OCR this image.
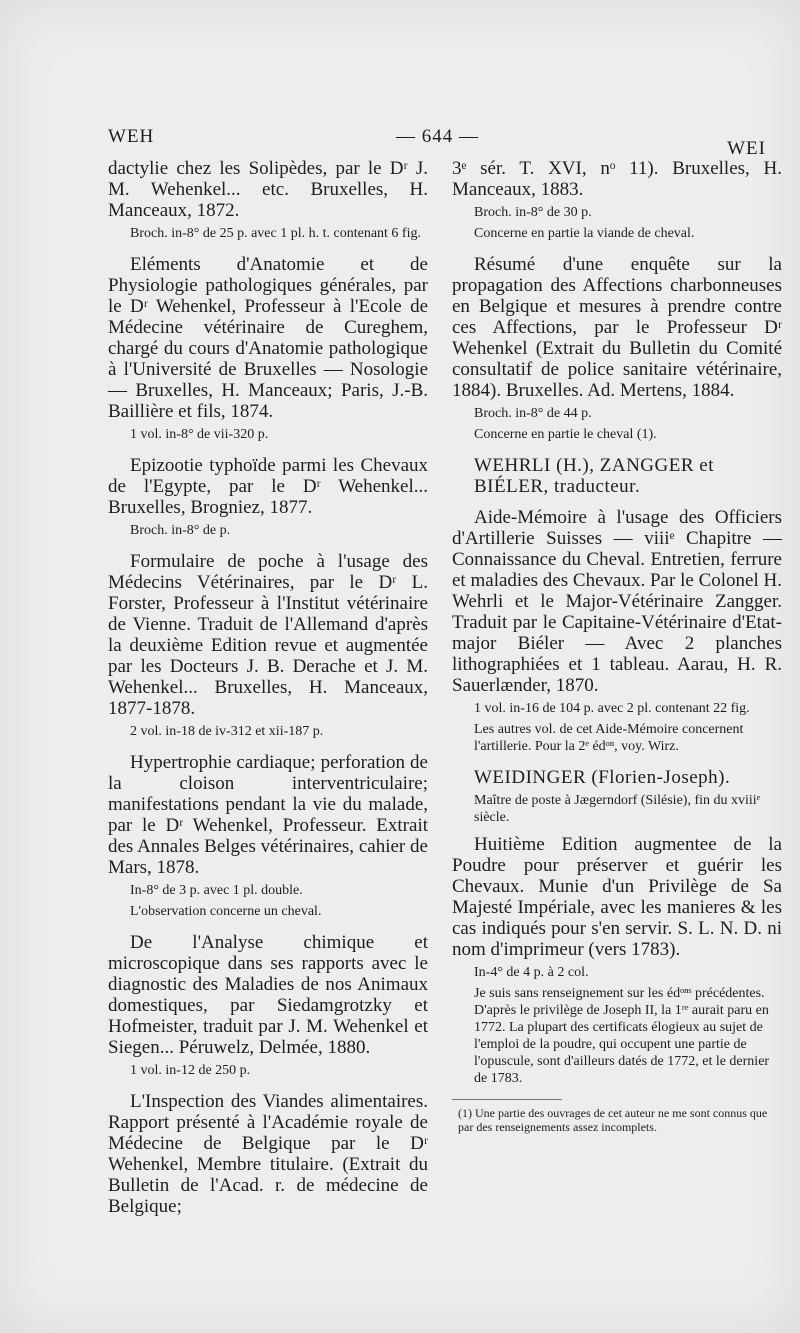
WEH	— 644 —
WEI
dactylie chez les Solipèdes, par le Dʳ J. M. Wehenkel... etc. Bruxelles, H. Manceaux, 1872.
Broch. in-8° de 25 p. avec 1 pl. h. t. contenant 6 fig.
Eléments d'Anatomie et de Physiologie pathologiques générales, par le Dʳ Wehenkel, Professeur à l'Ecole de Médecine vétérinaire de Cureghem, chargé du cours d'Anatomie pathologique à l'Université de Bruxelles — Nosologie — Bruxelles, H. Manceaux; Paris, J.-B. Baillière et fils, 1874.
1 vol. in-8° de vii-320 p.
Epizootie typhoïde parmi les Chevaux de l'Egypte, par le Dʳ Wehenkel... Bruxelles, Brogniez, 1877.
Broch. in-8° de p.
Formulaire de poche à l'usage des Médecins Vétérinaires, par le Dʳ L. Forster, Professeur à l'Institut vétérinaire de Vienne. Traduit de l'Allemand d'après la deuxième Edition revue et augmentée par les Docteurs J. B. Derache et J. M. Wehenkel... Bruxelles, H. Manceaux, 1877-1878.
2 vol. in-18 de iv-312 et xii-187 p.
Hypertrophie cardiaque; perforation de la cloison interventriculaire; manifestations pendant la vie du malade, par le Dʳ Wehenkel, Professeur. Extrait des Annales Belges vétérinaires, cahier de Mars, 1878.
In-8° de 3 p. avec 1 pl. double.
L'observation concerne un cheval.
De l'Analyse chimique et microscopique dans ses rapports avec le diagnostic des Maladies de nos Animaux domestiques, par Siedamgrotzky et Hofmeister, traduit par J. M. Wehenkel et Siegen... Péruwelz, Delmée, 1880.
1 vol. in-12 de 250 p.
L'Inspection des Viandes alimentaires. Rapport présenté à l'Académie royale de Médecine de Belgique par le Dʳ Wehenkel, Membre titulaire. (Extrait du Bulletin de l'Acad. r. de médecine de Belgique;
3ᵉ sér. T. XVI, nᵒ 11). Bruxelles, H. Manceaux, 1883.
Broch. in-8° de 30 p.
Concerne en partie la viande de cheval.
Résumé d'une enquête sur la propagation des Affections charbonneuses en Belgique et mesures à prendre contre ces Affections, par le Professeur Dʳ Wehenkel (Extrait du Bulletin du Comité consultatif de police sanitaire vétérinaire, 1884). Bruxelles. Ad. Mertens, 1884.
Broch. in-8° de 44 p.
Concerne en partie le cheval (1).
WEHRLI (H.), ZANGGER et BIÉLER, traducteur.
Aide-Mémoire à l'usage des Officiers d'Artillerie Suisses — viiiᵉ Chapitre — Connaissance du Cheval. Entretien, ferrure et maladies des Chevaux. Par le Colonel H. Wehrli et le Major-Vétérinaire Zangger. Traduit par le Capitaine-Vétérinaire d'Etat-major Biéler — Avec 2 planches lithographiées et 1 tableau. Aarau, H. R. Sauerlænder, 1870.
1 vol. in-16 de 104 p. avec 2 pl. contenant 22 fig.
Les autres vol. de cet Aide-Mémoire concernent l'artillerie. Pour la 2ᵉ édᵒⁿ, voy. Wirz.
WEIDINGER (Florien-Joseph).
Maître de poste à Jægerndorf (Silésie), fin du xviiiᵉ siècle.
Huitième Edition augmentee de la Poudre pour préserver et guérir les Chevaux. Munie d'un Privilège de Sa Majesté Impériale, avec les manieres & les cas indiqués pour s'en servir. S. L. N. D. ni nom d'imprimeur (vers 1783).
In-4° de 4 p. à 2 col.
Je suis sans renseignement sur les édᵒⁿˢ précédentes. D'après le privilège de Joseph II, la 1ʳᵉ aurait paru en 1772. La plupart des certificats élogieux au sujet de l'emploi de la poudre, qui occupent une partie de l'opuscule, sont d'ailleurs datés de 1772, et le dernier de 1783.
(1) Une partie des ouvrages de cet auteur ne me sont connus que par des renseignements assez incomplets.
